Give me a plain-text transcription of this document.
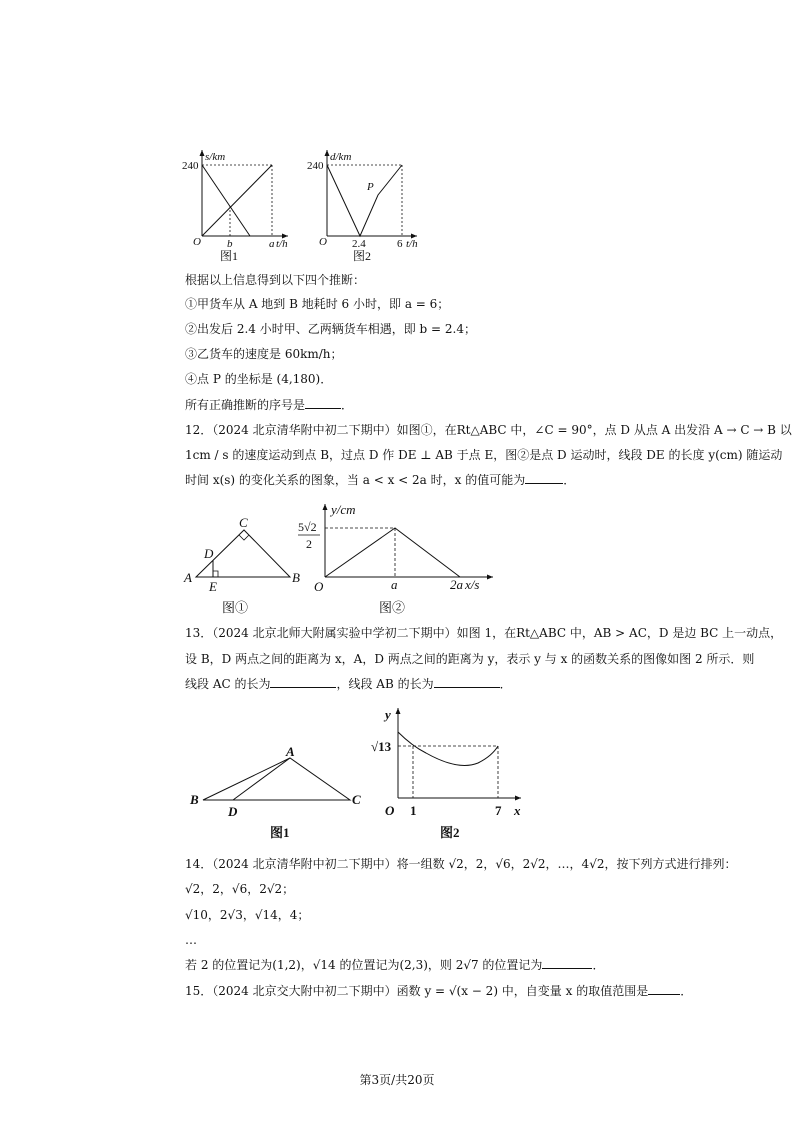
s/km
240
O b	a t/h
图1
d/km
240
O
P
2.4	6 t/h
图2
根据以上信息得到以下四个推断：
①甲货车从 A 地到 B 地耗时 6 小时，即 a = 6；
②出发后 2.4 小时甲、乙两辆货车相遇，即 b = 2.4；
③乙货车的速度是 60km/h；
④点 P 的坐标是 (4,180)．
所有正确推断的序号是	．
12．（2024 北京清华附中初二下期中）如图①，在Rt△ABC 中，∠C = 90°，点 D 从点 A 出发沿 A → C → B 以
1cm / s 的速度运动到点 B，过点 D 作 DE ⊥ AB 于点 E，图②是点 D 运动时，线段 DE 的长度 y(cm) 随运动
时间 x(s) 的变化关系的图象，当 a < x < 2a 时，x 的值可能为	．
A	B
C
D
E
图①
y/cm
5√2
2
O	a	2a x/s
图②
13．（2024 北京北师大附属实验中学初二下期中）如图 1，在Rt△ABC 中，AB > AC，D 是边 BC 上一动点，
设 B，D 两点之间的距离为 x，A，D 两点之间的距离为 y，表示 y 与 x 的函数关系的图像如图 2 所示．则
线段 AC 的长为	，线段 AB 的长为	．
A
B	C
D
图1
y
√13
O 1	7 x
图2
14．（2024 北京清华附中初二下期中）将一组数 √2，2，√6，2√2，…，4√2，按下列方式进行排列：
√2，2，√6，2√2；
√10，2√3，√14，4；
…
若 2 的位置记为(1,2)，√14 的位置记为(2,3)，则 2√7 的位置记为	．
15．（2024 北京交大附中初二下期中）函数 y = √(x − 2) 中，自变量 x 的取值范围是	．
第3页/共20页
